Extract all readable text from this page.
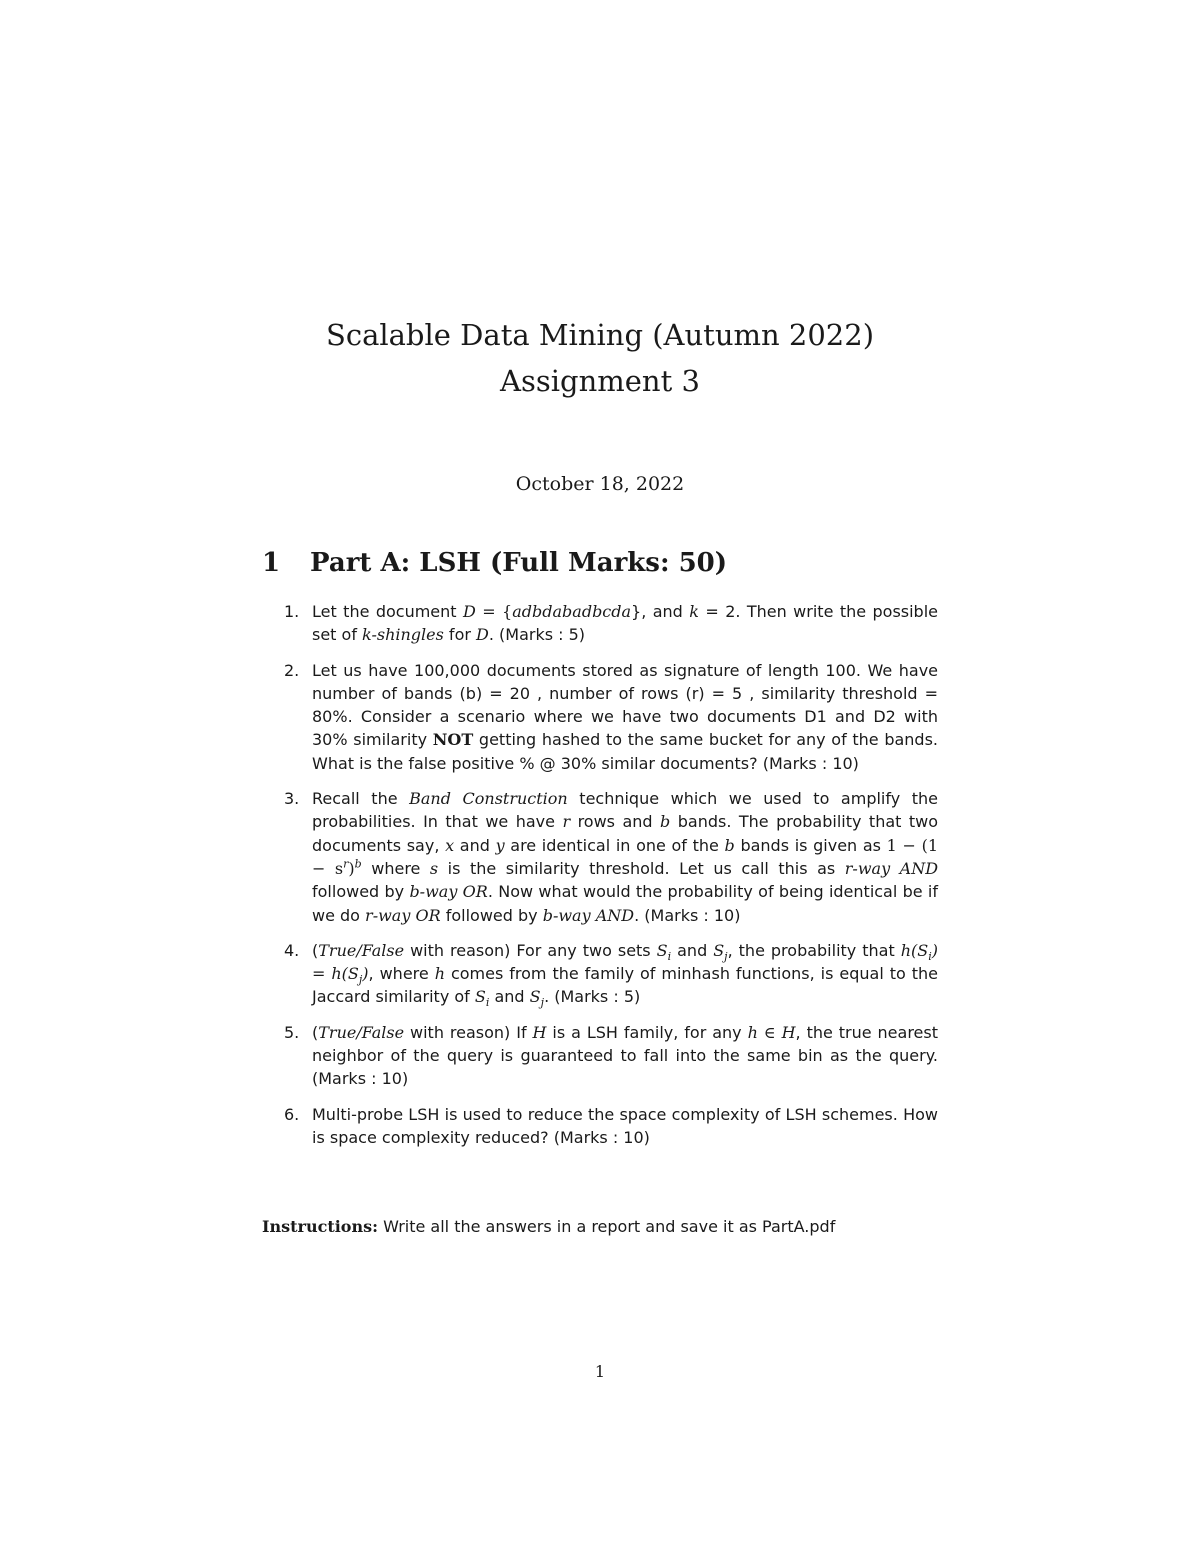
Scalable Data Mining (Autumn 2022)
Assignment 3
October 18, 2022
1 Part A: LSH (Full Marks: 50)
1. Let the document D = {adbdabadbcda}, and k = 2. Then write the possible set of k-shingles for D. (Marks : 5)
2. Let us have 100,000 documents stored as signature of length 100. We have number of bands (b) = 20 , number of rows (r) = 5 , similarity threshold = 80%. Consider a scenario where we have two documents D1 and D2 with 30% similarity NOT getting hashed to the same bucket for any of the bands. What is the false positive % @ 30% similar documents? (Marks : 10)
3. Recall the Band Construction technique which we used to amplify the probabilities. In that we have r rows and b bands. The probability that two documents say, x and y are identical in one of the b bands is given as $1 - (1 - s^r)^b$ where s is the similarity threshold. Let us call this as r-way AND followed by b-way OR. Now what would the probability of being identical be if we do r-way OR followed by b-way AND. (Marks : 10)
4. (True/False with reason) For any two sets $S_i$ and $S_j$, the probability that $h(S_i) = h(S_j)$, where h comes from the family of minhash functions, is equal to the Jaccard similarity of $S_i$ and $S_j$. (Marks : 5)
5. (True/False with reason) If H is a LSH family, for any h ∈ H, the true nearest neighbor of the query is guaranteed to fall into the same bin as the query. (Marks : 10)
6. Multi-probe LSH is used to reduce the space complexity of LSH schemes. How is space complexity reduced? (Marks : 10)
Instructions: Write all the answers in a report and save it as PartA.pdf
1
